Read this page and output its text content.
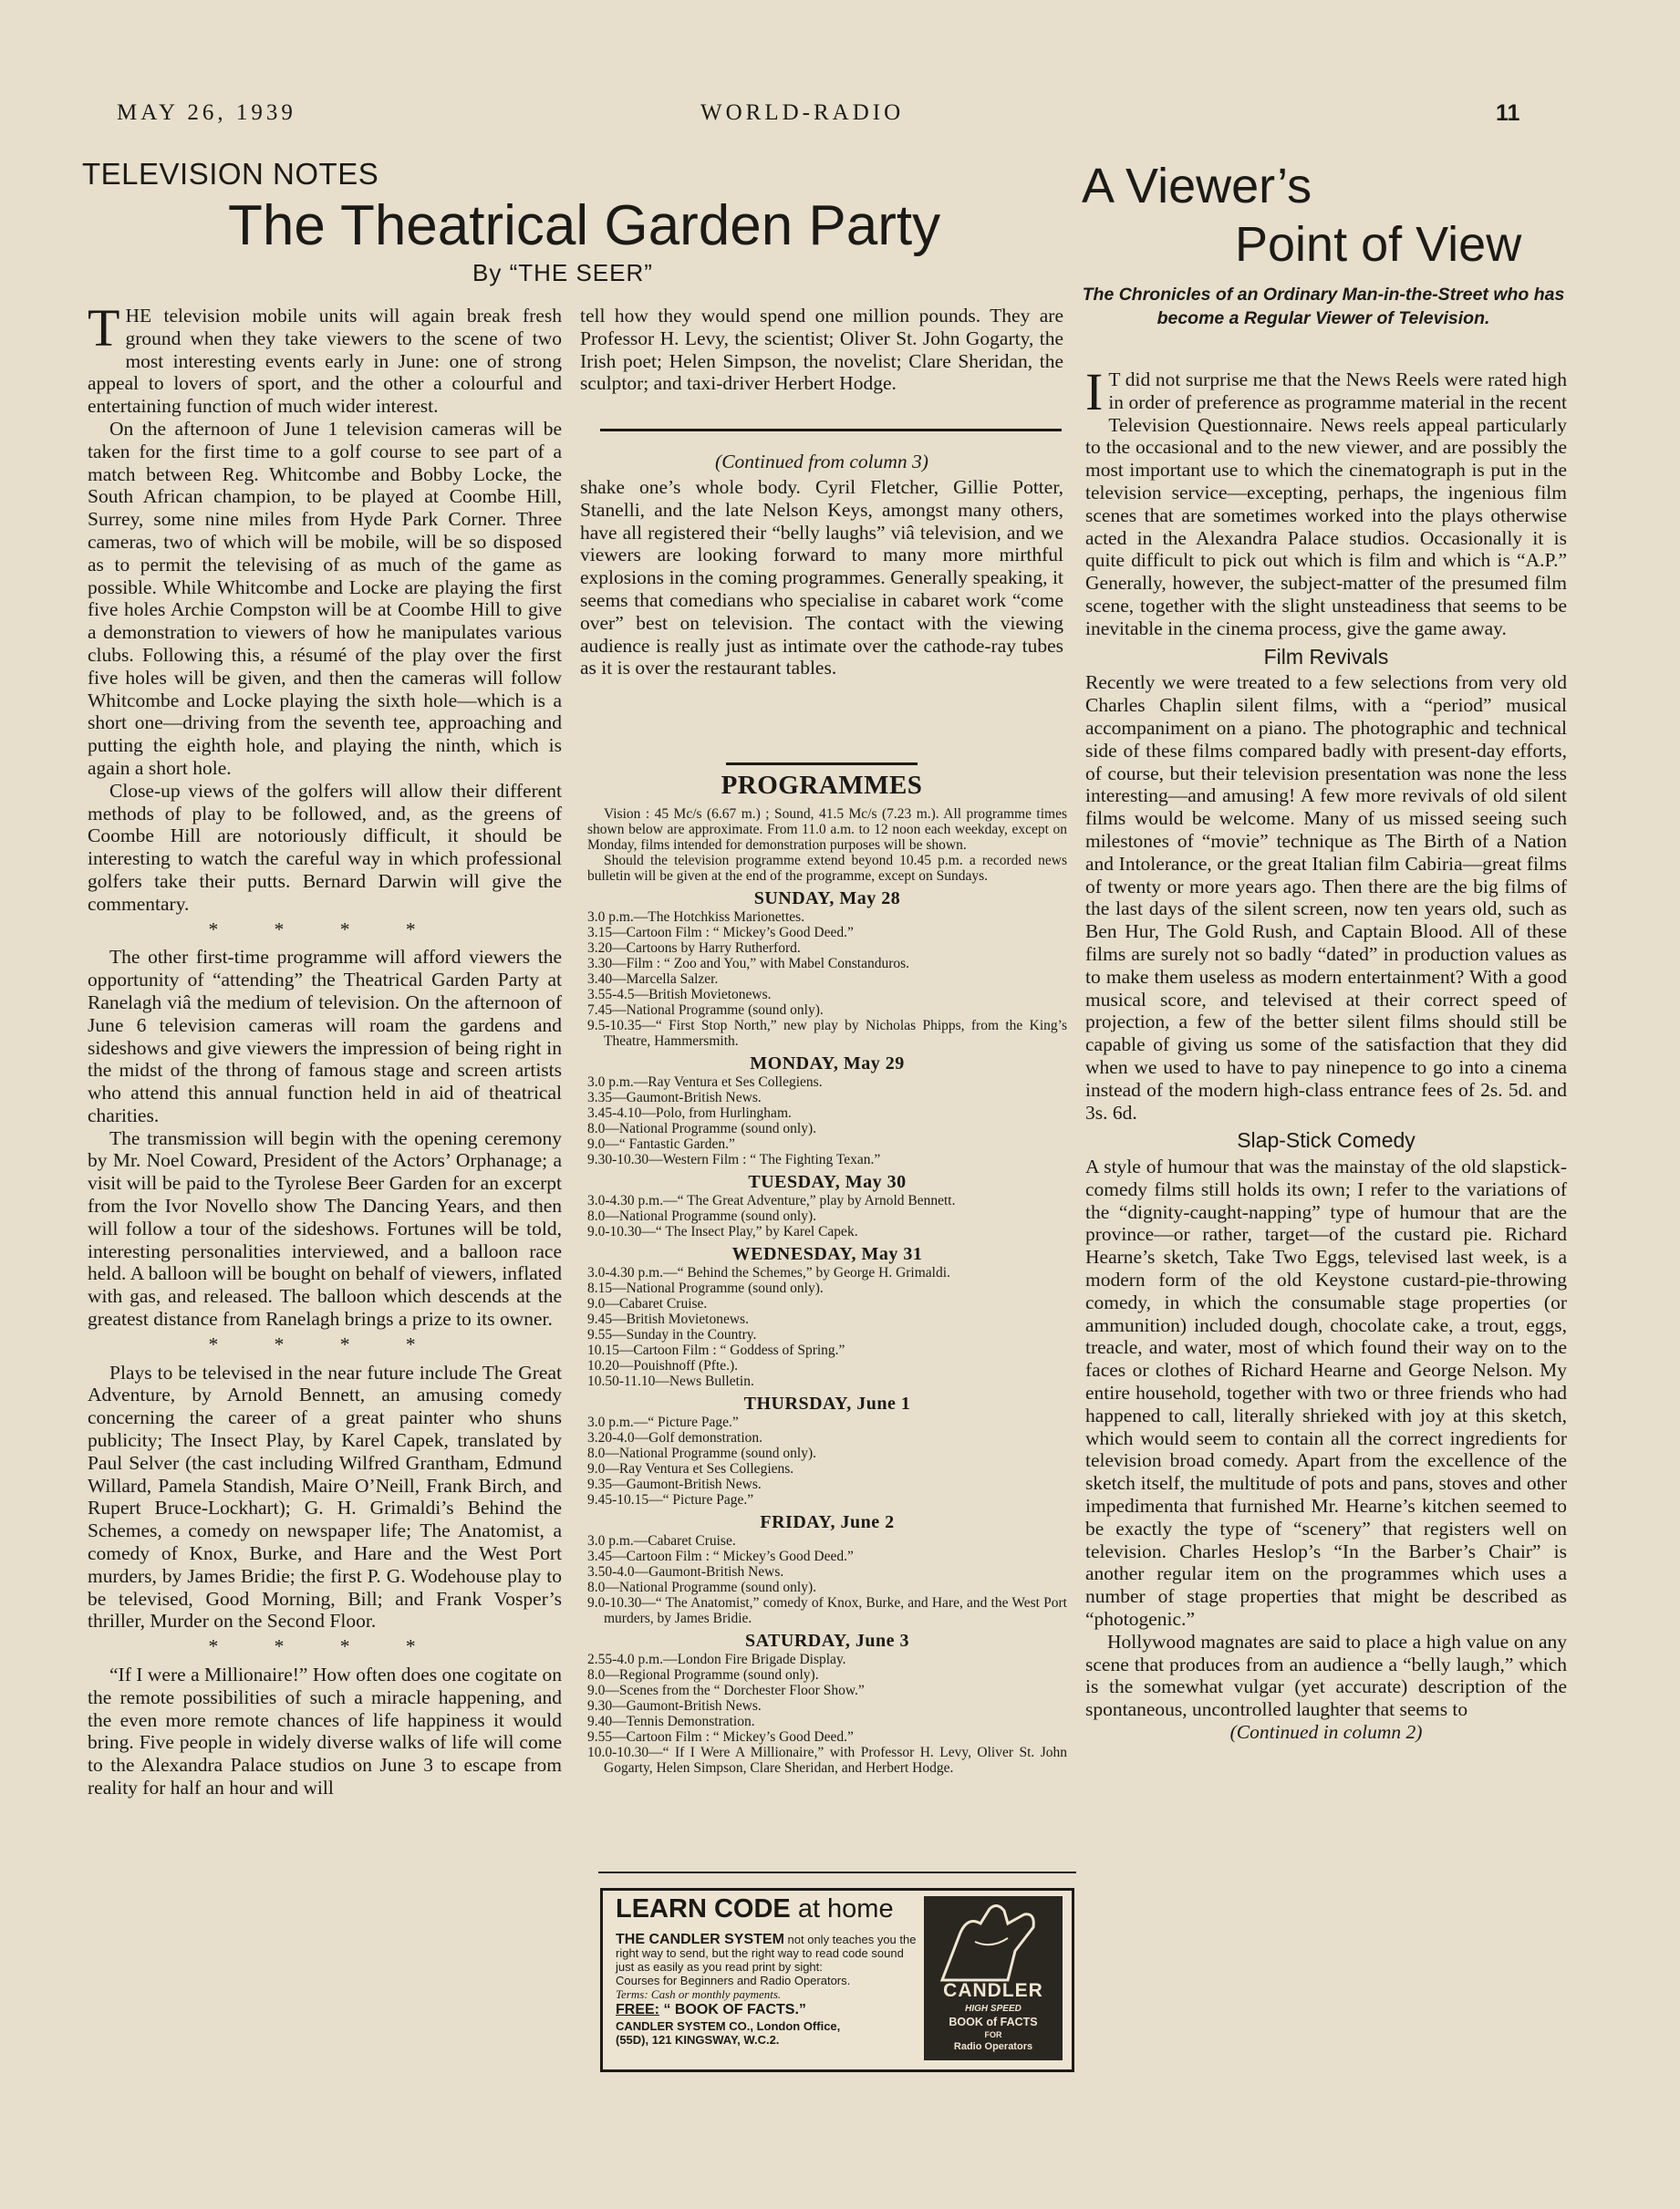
MAY 26, 1939	WORLD-RADIO	11
TELEVISION NOTES
The Theatrical Garden Party
By “THE SEER”

THE television mobile units will again break fresh ground when they take viewers to the scene of two most interesting events early in June: one of strong appeal to lovers of sport, and the other a colourful and entertaining function of much wider interest.

On the afternoon of June 1 television cameras will be taken for the first time to a golf course to see part of a match between Reg. Whitcombe and Bobby Locke, the South African champion, to be played at Coombe Hill, Surrey, some nine miles from Hyde Park Corner. Three cameras, two of which will be mobile, will be so disposed as to permit the televising of as much of the game as possible. While Whitcombe and Locke are playing the first five holes Archie Compston will be at Coombe Hill to give a demonstration to viewers of how he manipulates various clubs. Following this, a résumé of the play over the first five holes will be given, and then the cameras will follow Whitcombe and Locke playing the sixth hole—which is a short one—driving from the seventh tee, approaching and putting the eighth hole, and playing the ninth, which is again a short hole.

Close-up views of the golfers will allow their different methods of play to be followed, and, as the greens of Coombe Hill are notoriously difficult, it should be interesting to watch the careful way in which professional golfers take their putts. Bernard Darwin will give the commentary.

* * * *

The other first-time programme will afford viewers the opportunity of “attending” the Theatrical Garden Party at Ranelagh viâ the medium of television. On the afternoon of June 6 television cameras will roam the gardens and sideshows and give viewers the impression of being right in the midst of the throng of famous stage and screen artists who attend this annual function held in aid of theatrical charities.

The transmission will begin with the opening ceremony by Mr. Noel Coward, President of the Actors’ Orphanage; a visit will be paid to the Tyrolese Beer Garden for an excerpt from the Ivor Novello show The Dancing Years, and then will follow a tour of the sideshows. Fortunes will be told, interesting personalities interviewed, and a balloon race held. A balloon will be bought on behalf of viewers, inflated with gas, and released. The balloon which descends at the greatest distance from Ranelagh brings a prize to its owner.

* * * *

Plays to be televised in the near future include The Great Adventure, by Arnold Bennett, an amusing comedy concerning the career of a great painter who shuns publicity; The Insect Play, by Karel Capek, translated by Paul Selver (the cast including Wilfred Grantham, Edmund Willard, Pamela Standish, Maire O’Neill, Frank Birch, and Rupert Bruce-Lockhart); G. H. Grimaldi’s Behind the Schemes, a comedy on newspaper life; The Anatomist, a comedy of Knox, Burke, and Hare and the West Port murders, by James Bridie; the first P. G. Wodehouse play to be televised, Good Morning, Bill; and Frank Vosper’s thriller, Murder on the Second Floor.

* * * *

“If I were a Millionaire!” How often does one cogitate on the remote possibilities of such a miracle happening, and the even more remote chances of life happiness it would bring. Five people in widely diverse walks of life will come to the Alexandra Palace studios on June 3 to escape from reality for half an hour and will

tell how they would spend one million pounds. They are Professor H. Levy, the scientist; Oliver St. John Gogarty, the Irish poet; Helen Simpson, the novelist; Clare Sheridan, the sculptor; and taxi-driver Herbert Hodge.

(Continued from column 3)

shake one’s whole body. Cyril Fletcher, Gillie Potter, Stanelli, and the late Nelson Keys, amongst many others, have all registered their “belly laughs” viâ television, and we viewers are looking forward to many more mirthful explosions in the coming programmes. Generally speaking, it seems that comedians who specialise in cabaret work “come over” best on television. The contact with the viewing audience is really just as intimate over the cathode-ray tubes as it is over the restaurant tables.

PROGRAMMES

Vision : 45 Mc/s (6.67 m.) ; Sound, 41.5 Mc/s (7.23 m.). All programme times shown below are approximate. From 11.0 a.m. to 12 noon each weekday, except on Monday, films intended for demonstration purposes will be shown.

Should the television programme extend beyond 10.45 p.m. a recorded news bulletin will be given at the end of the programme, except on Sundays.

SUNDAY, May 28
3.0 p.m.—The Hotchkiss Marionettes.
3.15—Cartoon Film : “ Mickey’s Good Deed.”
3.20—Cartoons by Harry Rutherford.
3.30—Film : “ Zoo and You,” with Mabel Constanduros.
3.40—Marcella Salzer.
3.55-4.5—British Movietonews.
7.45—National Programme (sound only).
9.5-10.35—“ First Stop North,” new play by Nicholas Phipps, from the King’s Theatre, Hammersmith.
MONDAY, May 29
3.0 p.m.—Ray Ventura et Ses Collegiens.
3.35—Gaumont-British News.
3.45-4.10—Polo, from Hurlingham.
8.0—National Programme (sound only).
9.0—“ Fantastic Garden.”
9.30-10.30—Western Film : “ The Fighting Texan.”
TUESDAY, May 30
3.0-4.30 p.m.—“ The Great Adventure,” play by Arnold Bennett.
8.0—National Programme (sound only).
9.0-10.30—“ The Insect Play,” by Karel Capek.
WEDNESDAY, May 31
3.0-4.30 p.m.—“ Behind the Schemes,” by George H. Grimaldi.
8.15—National Programme (sound only).
9.0—Cabaret Cruise.
9.45—British Movietonews.
9.55—Sunday in the Country.
10.15—Cartoon Film : “ Goddess of Spring.”
10.20—Pouishnoff (Pfte.).
10.50-11.10—News Bulletin.
THURSDAY, June 1
3.0 p.m.—“ Picture Page.”
3.20-4.0—Golf demonstration.
8.0—National Programme (sound only).
9.0—Ray Ventura et Ses Collegiens.
9.35—Gaumont-British News.
9.45-10.15—“ Picture Page.”
FRIDAY, June 2
3.0 p.m.—Cabaret Cruise.
3.45—Cartoon Film : “ Mickey’s Good Deed.”
3.50-4.0—Gaumont-British News.
8.0—National Programme (sound only).
9.0-10.30—“ The Anatomist,” comedy of Knox, Burke, and Hare, and the West Port murders, by James Bridie.
SATURDAY, June 3
2.55-4.0 p.m.—London Fire Brigade Display.
8.0—Regional Programme (sound only).
9.0—Scenes from the “ Dorchester Floor Show.”
9.30—Gaumont-British News.
9.40—Tennis Demonstration.
9.55—Cartoon Film : “ Mickey’s Good Deed.”
10.0-10.30—“ If I Were A Millionaire,” with Professor H. Levy, Oliver St. John Gogarty, Helen Simpson, Clare Sheridan, and Herbert Hodge.
LEARN CODE at home
THE CANDLER SYSTEM not only teaches you the right way to send, but the right way to read code sound just as easily as you read print by sight:
Courses for Beginners and Radio Operators.
Terms: Cash or monthly payments.
FREE: “ BOOK OF FACTS.”
CANDLER SYSTEM CO., London Office,
(55D), 121 KINGSWAY, W.C.2.
CANDLER
HIGH SPEED
BOOK of FACTS
FOR
Radio Operators
A Viewer’s
Point of View
The Chronicles of an Ordinary Man-in-the-Street who has become a Regular Viewer of Television.

I T did not surprise me that the News Reels were rated high in order of preference as programme material in the recent Television Questionnaire. News reels appeal particularly to the occasional and to the new viewer, and are possibly the most important use to which the cinematograph is put in the television service—excepting, perhaps, the ingenious film scenes that are sometimes worked into the plays otherwise acted in the Alexandra Palace studios. Occasionally it is quite difficult to pick out which is film and which is “A.P.” Generally, however, the subject-matter of the presumed film scene, together with the slight unsteadiness that seems to be inevitable in the cinema process, give the game away.

Film Revivals

Recently we were treated to a few selections from very old Charles Chaplin silent films, with a “period” musical accompaniment on a piano. The photographic and technical side of these films compared badly with present-day efforts, of course, but their television presentation was none the less interesting—and amusing! A few more revivals of old silent films would be welcome. Many of us missed seeing such milestones of “movie” technique as The Birth of a Nation and Intolerance, or the great Italian film Cabiria—great films of twenty or more years ago. Then there are the big films of the last days of the silent screen, now ten years old, such as Ben Hur, The Gold Rush, and Captain Blood. All of these films are surely not so badly “dated” in production values as to make them useless as modern entertainment? With a good musical score, and televised at their correct speed of projection, a few of the better silent films should still be capable of giving us some of the satisfaction that they did when we used to have to pay ninepence to go into a cinema instead of the modern high-class entrance fees of 2s. 5d. and 3s. 6d.

Slap-Stick Comedy

A style of humour that was the mainstay of the old slapstick-comedy films still holds its own; I refer to the variations of the “dignity-caught-napping” type of humour that are the province—or rather, target—of the custard pie. Richard Hearne’s sketch, Take Two Eggs, televised last week, is a modern form of the old Keystone custard-pie-throwing comedy, in which the consumable stage properties (or ammunition) included dough, chocolate cake, a trout, eggs, treacle, and water, most of which found their way on to the faces or clothes of Richard Hearne and George Nelson. My entire household, together with two or three friends who had happened to call, literally shrieked with joy at this sketch, which would seem to contain all the correct ingredients for television broad comedy. Apart from the excellence of the sketch itself, the multitude of pots and pans, stoves and other impedimenta that furnished Mr. Hearne’s kitchen seemed to be exactly the type of “scenery” that registers well on television. Charles Heslop’s “In the Barber’s Chair” is another regular item on the programmes which uses a number of stage properties that might be described as “photogenic.”

Hollywood magnates are said to place a high value on any scene that produces from an audience a “belly laugh,” which is the somewhat vulgar (yet accurate) description of the spontaneous, uncontrolled laughter that seems to

(Continued in column 2)
